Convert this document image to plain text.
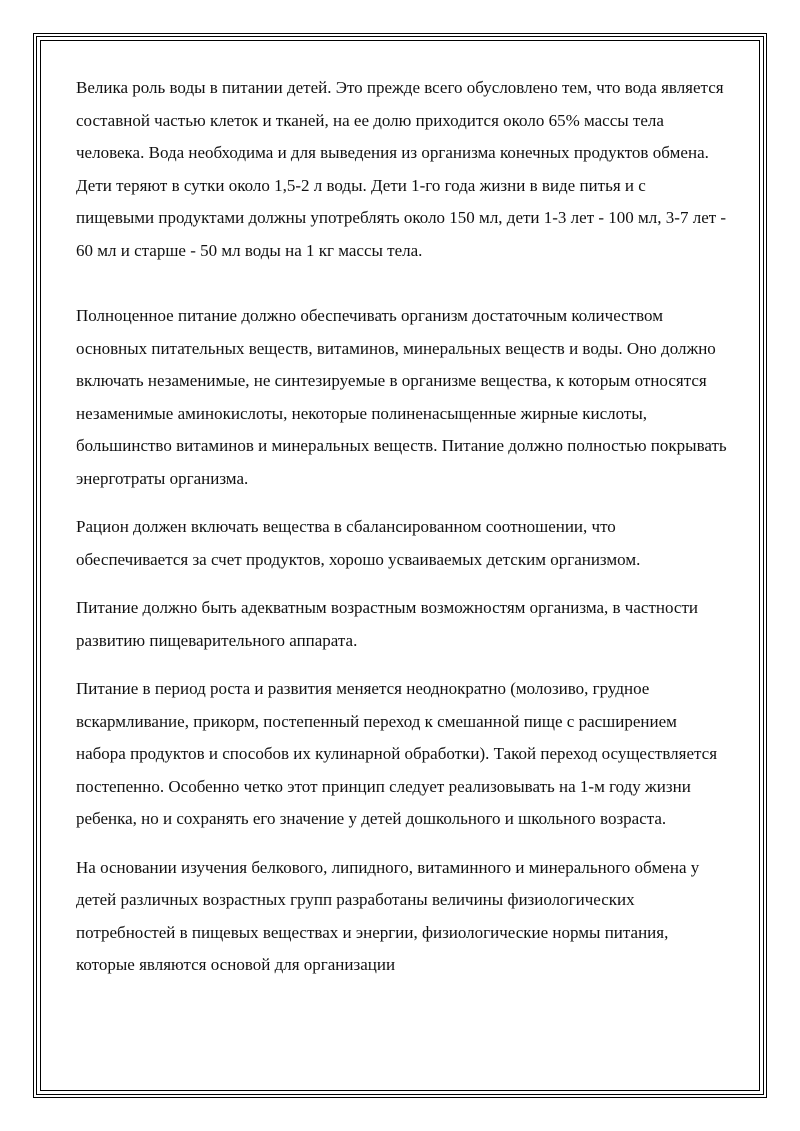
Велика роль воды в питании детей. Это прежде всего обусловлено тем, что вода является составной частью клеток и тканей, на ее долю приходится около 65% массы тела человека. Вода необходима и для выведения из организма конечных продуктов обмена. Дети теряют в сутки около 1,5-2 л воды. Дети 1-го года жизни в виде питья и с пищевыми продуктами должны употреблять около 150 мл, дети 1-3 лет - 100 мл, 3-7 лет - 60 мл и старше - 50 мл воды на 1 кг массы тела.

Полноценное питание должно обеспечивать организм достаточным количеством основных питательных веществ, витаминов, минеральных веществ и воды. Оно должно включать незаменимые, не синтезируемые в организме вещества, к которым относятся незаменимые аминокислоты, некоторые полиненасыщенные жирные кислоты, большинство витаминов и минеральных веществ. Питание должно полностью покрывать энерготраты организма.

Рацион должен включать вещества в сбалансированном соотношении, что обеспечивается за счет продуктов, хорошо усваиваемых детским организмом.

Питание должно быть адекватным возрастным возможностям организма, в частности развитию пищеварительного аппарата.

Питание в период роста и развития меняется неоднократно (молозиво, грудное вскармливание, прикорм, постепенный переход к смешанной пище с расширением набора продуктов и способов их кулинарной обработки). Такой переход осуществляется постепенно. Особенно четко этот принцип следует реализовывать на 1-м году жизни ребенка, но и сохранять его значение у детей дошкольного и школьного возраста.

На основании изучения белкового, липидного, витаминного и минерального обмена у детей различных возрастных групп разработаны величины физиологических потребностей в пищевых веществах и энергии, физиологические нормы питания, которые являются основой для организации
